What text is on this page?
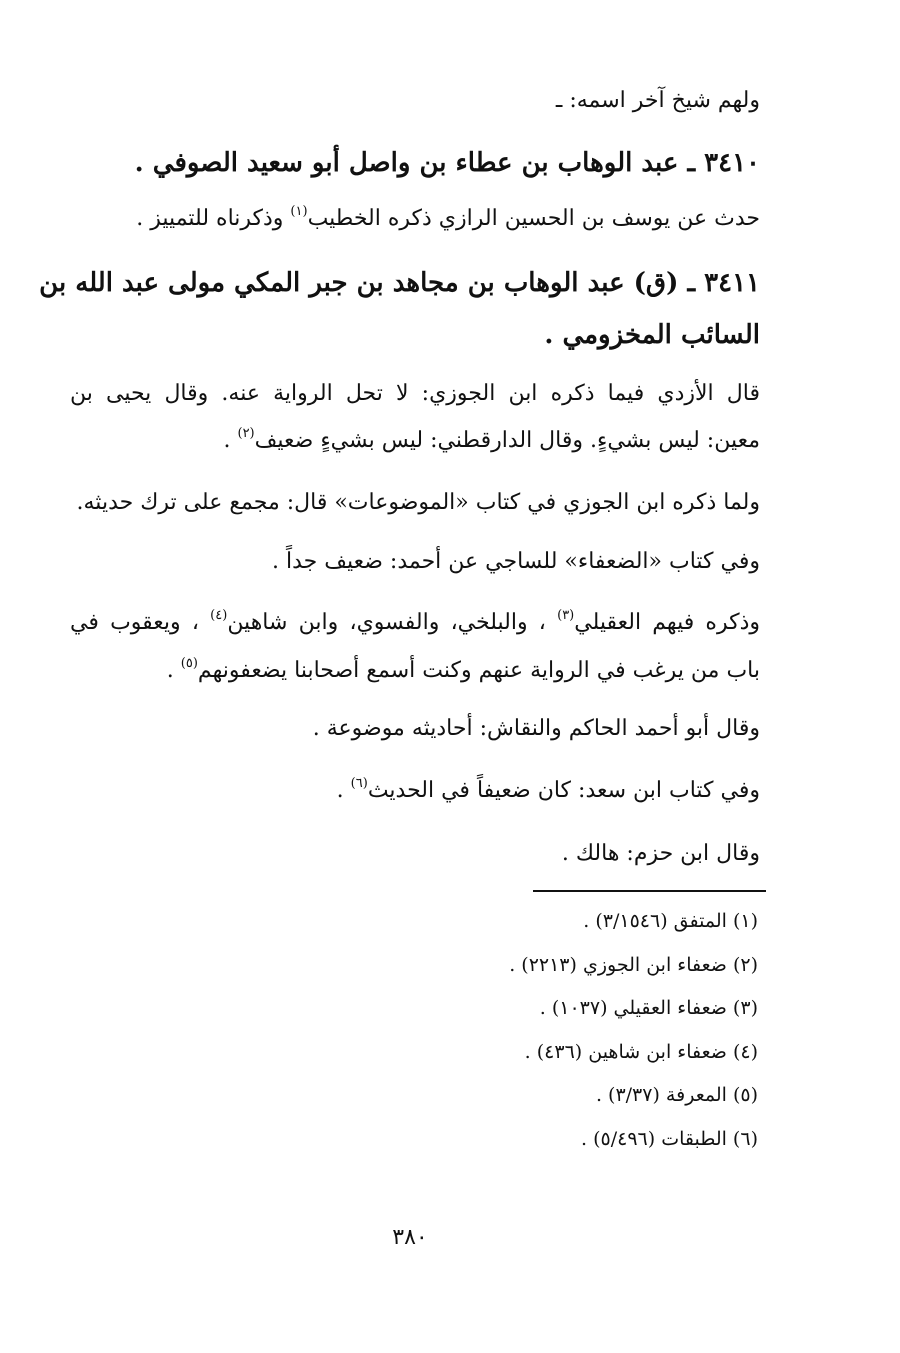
ولهم شيخ آخر اسمه: ـ

٣٤١٠ ـ عبد الوهاب بن عطاء بن واصل أبو سعيد الصوفي .

حدث عن يوسف بن الحسين الرازي ذكره الخطيب$^{(١)}$ وذكرناه للتمييز .

٣٤١١ ـ (ق) عبد الوهاب بن مجاهد بن جبر المكي مولى عبد الله بن

السائب المخزومي .

قال الأزدي فيما ذكره ابن الجوزي: لا تحل الرواية عنه. وقال يحيى بن

معين: ليس بشيءٍ. وقال الدارقطني: ليس بشيءٍ ضعيف$^{(٢)}$ .

ولما ذكره ابن الجوزي في كتاب «الموضوعات» قال: مجمع على ترك حديثه.

وفي كتاب «الضعفاء» للساجي عن أحمد: ضعيف جداً .

وذكره فيهم العقيلي$^{(٣)}$ ، والبلخي، والفسوي، وابن شاهين$^{(٤)}$ ، ويعقوب في

باب من يرغب في الرواية عنهم وكنت أسمع أصحابنا يضعفونهم$^{(٥)}$ .

وقال أبو أحمد الحاكم والنقاش: أحاديثه موضوعة .

وفي كتاب ابن سعد: كان ضعيفاً في الحديث$^{(٦)}$ .

وقال ابن حزم: هالك .

(١) المتفق (٣/١٥٤٦) .

(٢) ضعفاء ابن الجوزي (٢٢١٣) .

(٣) ضعفاء العقيلي (١٠٣٧) .

(٤) ضعفاء ابن شاهين (٤٣٦) .

(٥) المعرفة (٣/٣٧) .

(٦) الطبقات (٥/٤٩٦) .

٣٨٠
